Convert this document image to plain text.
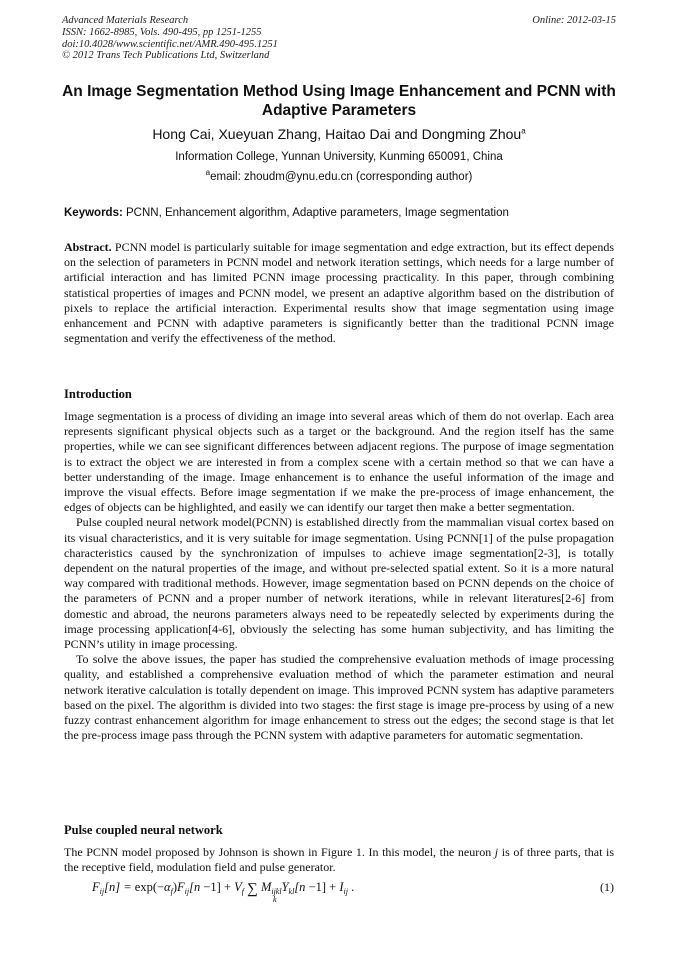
Advanced Materials Research
ISSN: 1662-8985, Vols. 490-495, pp 1251-1255
doi:10.4028/www.scientific.net/AMR.490-495.1251
© 2012 Trans Tech Publications Ltd, Switzerland
Online: 2012-03-15
An Image Segmentation Method Using Image Enhancement and PCNN with Adaptive Parameters
Hong Cai, Xueyuan Zhang, Haitao Dai and Dongming Zhou$^a$
Information College, Yunnan University, Kunming 650091, China
$^a$email: zhoudm@ynu.edu.cn (corresponding author)
Keywords: PCNN, Enhancement algorithm, Adaptive parameters, Image segmentation

Abstract. PCNN model is particularly suitable for image segmentation and edge extraction, but its effect depends on the selection of parameters in PCNN model and network iteration settings, which needs for a large number of artificial interaction and has limited PCNN image processing practicality. In this paper, through combining statistical properties of images and PCNN model, we present an adaptive algorithm based on the distribution of pixels to replace the artificial interaction. Experimental results show that image segmentation using image enhancement and PCNN with adaptive parameters is significantly better than the traditional PCNN image segmentation and verify the effectiveness of the method.

Introduction

Image segmentation is a process of dividing an image into several areas which of them do not overlap. Each area represents significant physical objects such as a target or the background. And the region itself has the same properties, while we can see significant differences between adjacent regions. The purpose of image segmentation is to extract the object we are interested in from a complex scene with a certain method so that we can have a better understanding of the image. Image enhancement is to enhance the useful information of the image and improve the visual effects. Before image segmentation if we make the pre-process of image enhancement, the edges of objects can be highlighted, and easily we can identify our target then make a better segmentation.

Pulse coupled neural network model(PCNN) is established directly from the mammalian visual cortex based on its visual characteristics, and it is very suitable for image segmentation. Using PCNN[1] of the pulse propagation characteristics caused by the synchronization of impulses to achieve image segmentation[2-3], is totally dependent on the natural properties of the image, and without pre-selected spatial extent. So it is a more natural way compared with traditional methods. However, image segmentation based on PCNN depends on the choice of the parameters of PCNN and a proper number of network iterations, while in relevant literatures[2-6] from domestic and abroad, the neurons parameters always need to be repeatedly selected by experiments during the image processing application[4-6], obviously the selecting has some human subjectivity, and has limiting the PCNN’s utility in image processing.

To solve the above issues, the paper has studied the comprehensive evaluation methods of image processing quality, and established a comprehensive evaluation method of which the parameter estimation and neural network iterative calculation is totally dependent on image. This improved PCNN system has adaptive parameters based on the pixel. The algorithm is divided into two stages: the first stage is image pre-process by using of a new fuzzy contrast enhancement algorithm for image enhancement to stress out the edges; the second stage is that let the pre-process image pass through the PCNN system with adaptive parameters for automatic segmentation.

Pulse coupled neural network

The PCNN model proposed by Johnson is shown in Figure 1. In this model, the neuron j is of three parts, that is the receptive field, modulation field and pulse generator.

$F_{ij}[n] = \exp(-\alpha_f)F_{ij}[n -1] + V_f$ ∑ $M_{ijkl}Y_{kl}[n -1] + I_{ij}$ .
k
(1)
